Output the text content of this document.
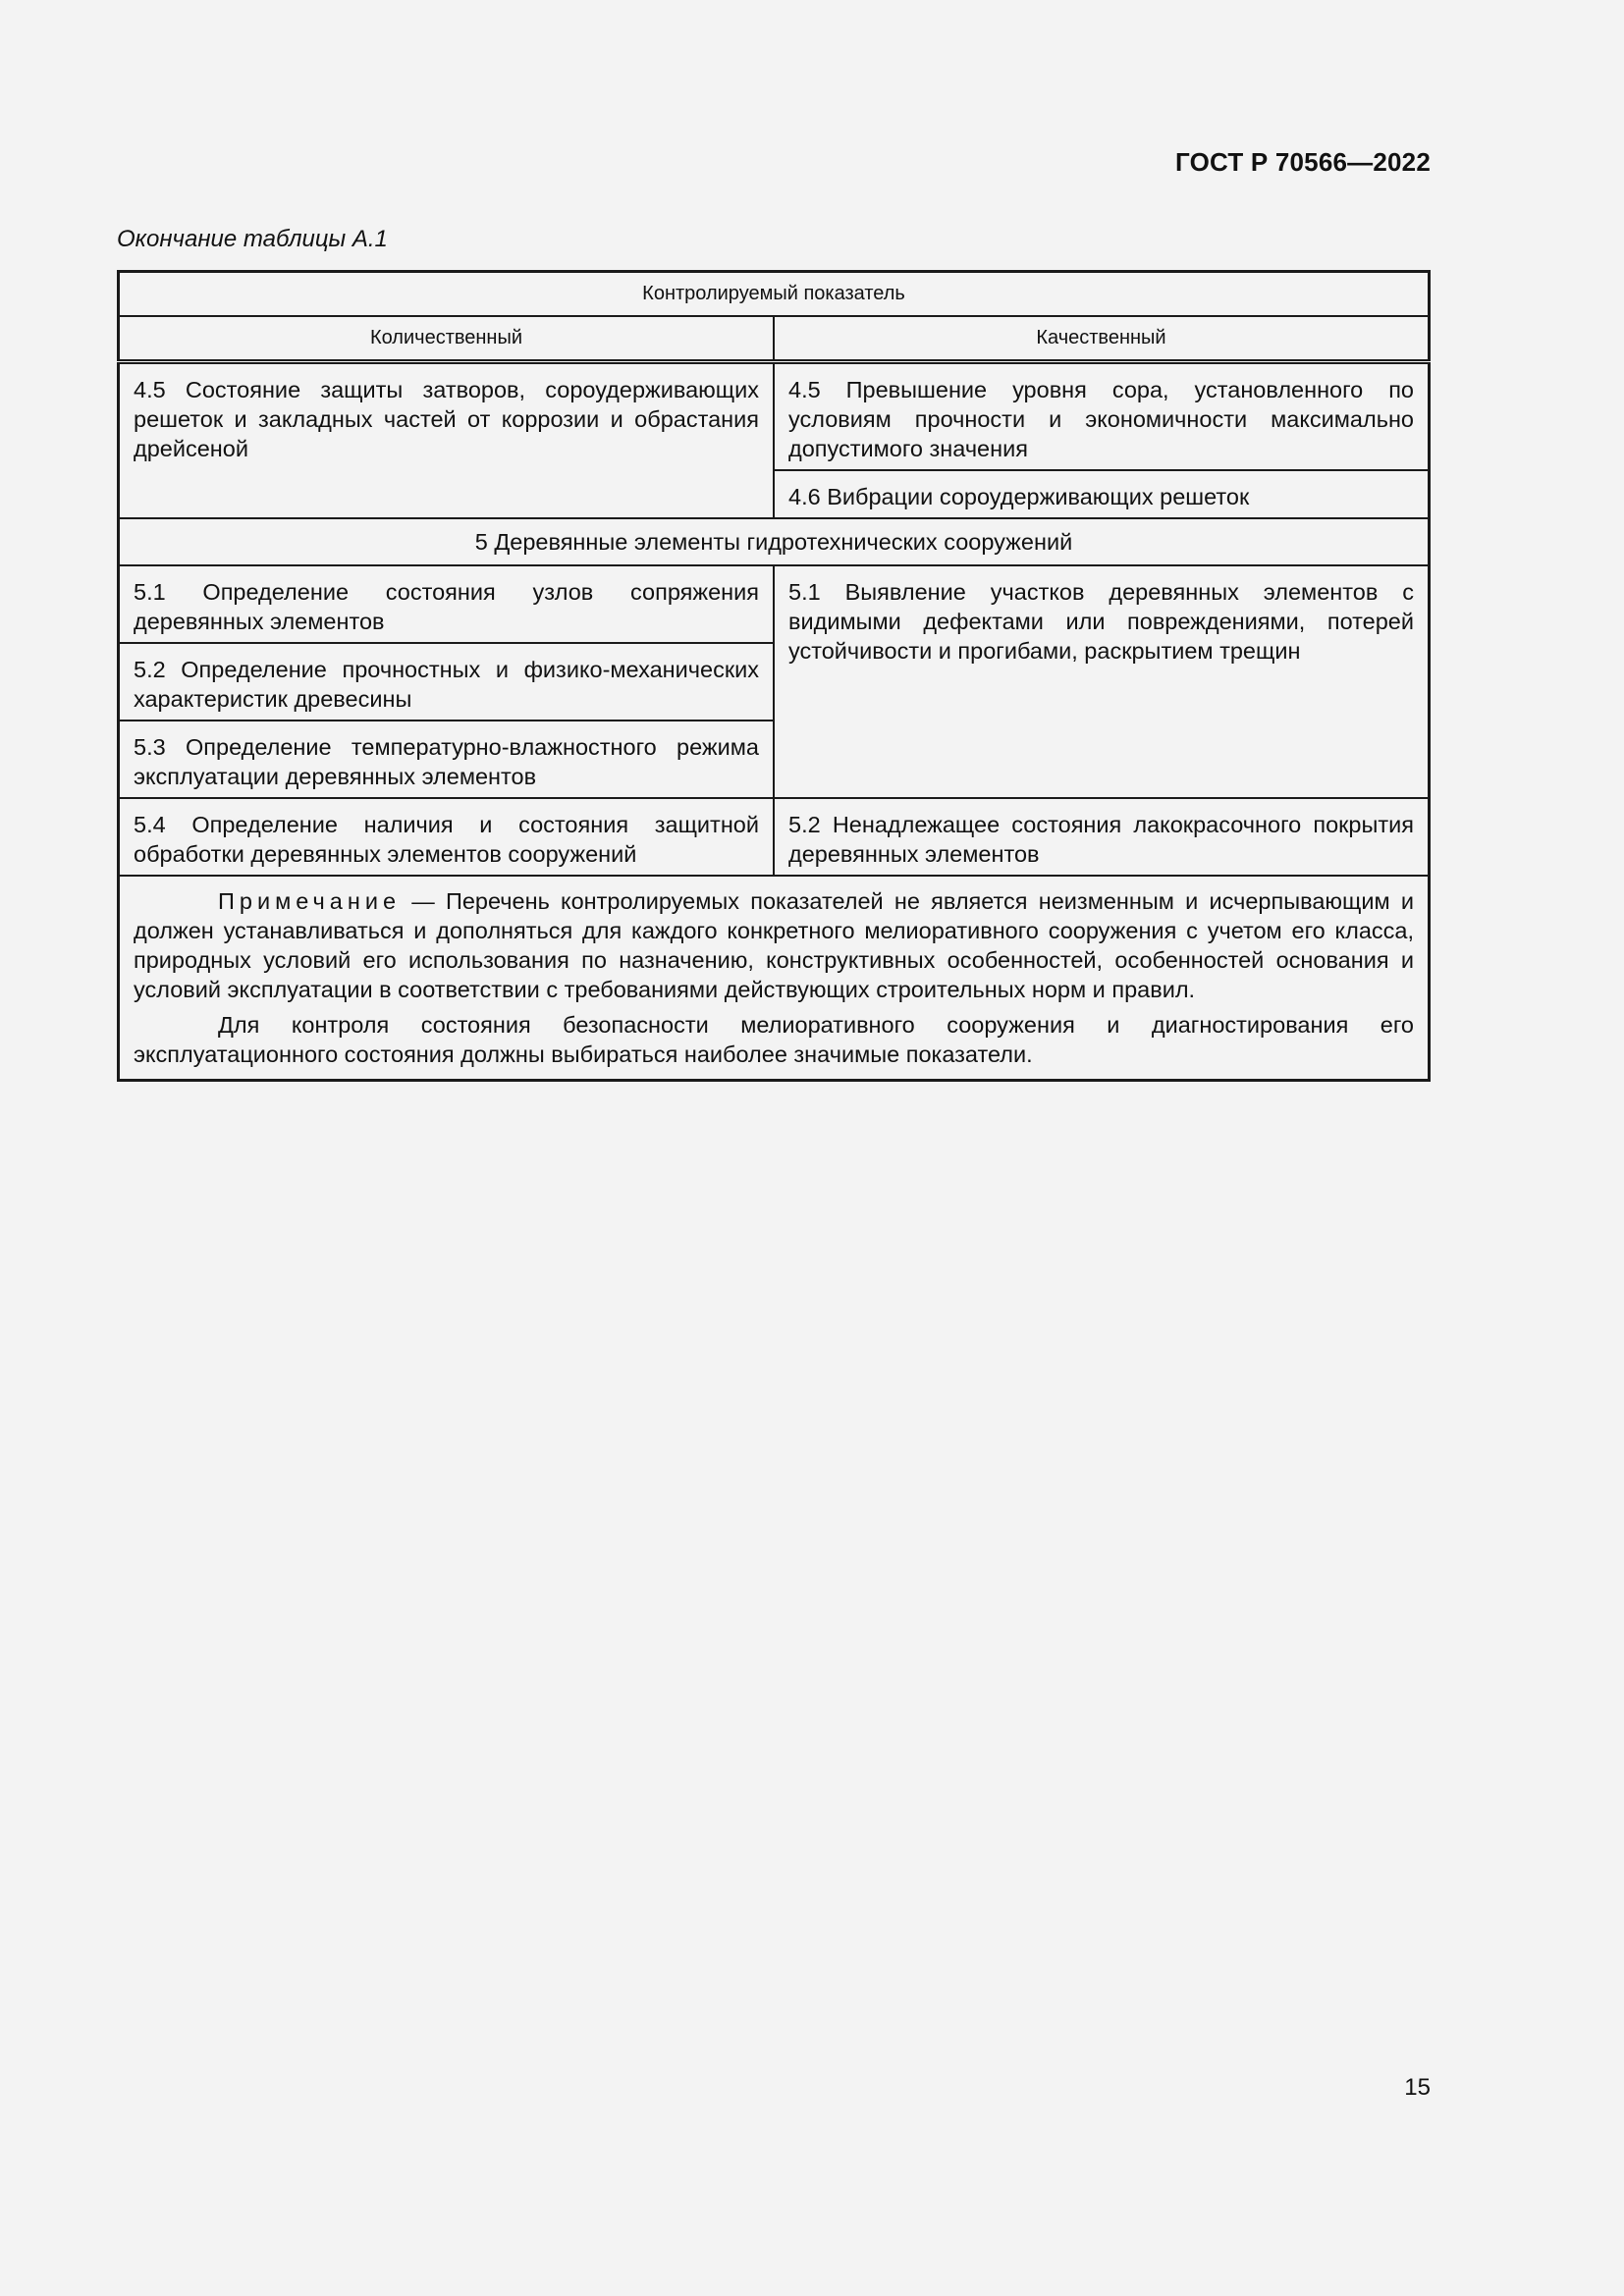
ГОСТ Р 70566—2022
Окончание таблицы А.1
Контролируемый показатель	
Количественный	Качественный
4.5 Состояние защиты затворов, сороудерживающих решеток и закладных частей от коррозии и обрастания дрейсеной	4.5 Превышение уровня сора, установленного по условиям прочности и экономичности максимально допустимого значения
	4.6 Вибрации сороудерживающих решеток
5 Деревянные элементы гидротехнических сооружений	
5.1 Определение состояния узлов сопряжения деревянных элементов	5.1 Выявление участков деревянных элементов с видимыми дефектами или повреждениями, потерей устойчивости и прогибами, раскрытием трещин
5.2 Определение прочностных и физико-механических характеристик древесины	
5.3 Определение температурно-влажностного режима эксплуатации деревянных элементов	
5.4 Определение наличия и состояния защитной обработки деревянных элементов сооружений	5.2 Ненадлежащее состояния лакокрасочного покрытия деревянных элементов

Примечание — Перечень контролируемых показателей не является неизменным и исчерпывающим и должен устанавливаться и дополняться для каждого конкретного мелиоративного сооружения с учетом его класса, природных условий его использования по назначению, конструктивных особенностей, особенностей основания и условий эксплуатации в соответствии с требованиями действующих строительных норм и правил.

Для контроля состояния безопасности мелиоративного сооружения и диагностирования его эксплуатационного состояния должны выбираться наиболее значимые показатели.	

15
